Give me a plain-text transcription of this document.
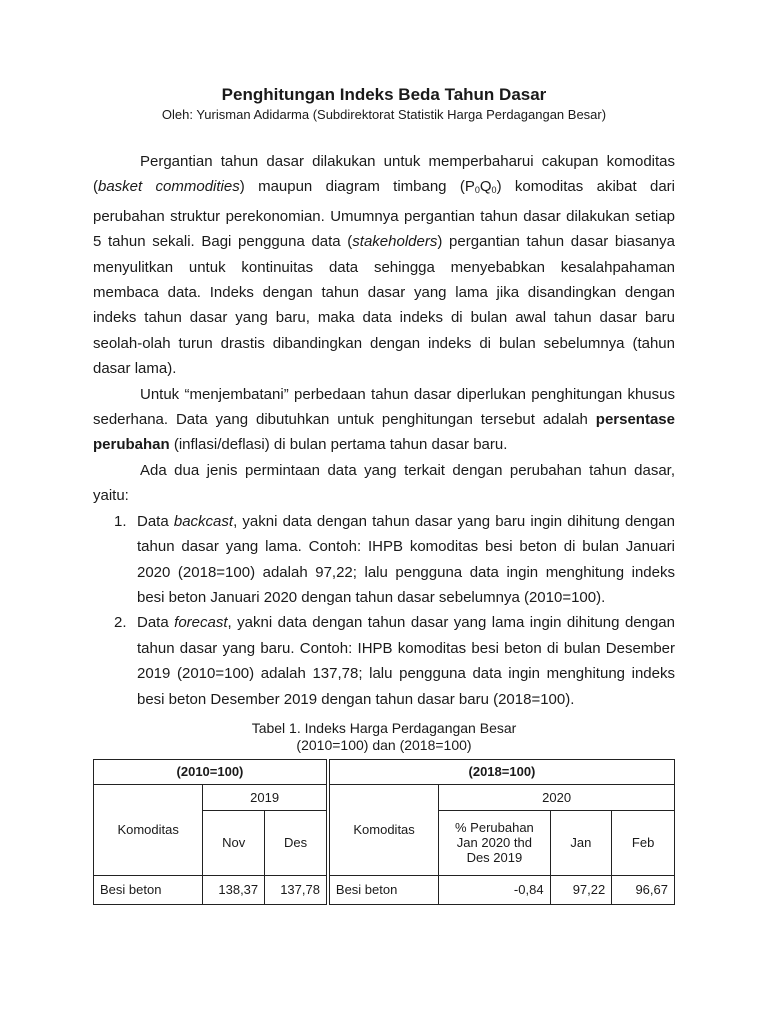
Penghitungan Indeks Beda Tahun Dasar

Oleh: Yurisman Adidarma (Subdirektorat Statistik Harga Perdagangan Besar)

Pergantian tahun dasar dilakukan untuk memperbaharui cakupan komoditas (basket commodities) maupun diagram timbang (P0Q0) komoditas akibat dari perubahan struktur perekonomian. Umumnya pergantian tahun dasar dilakukan setiap 5 tahun sekali. Bagi pengguna data (stakeholders) pergantian tahun dasar biasanya menyulitkan untuk kontinuitas data sehingga menyebabkan kesalahpahaman membaca data. Indeks dengan tahun dasar yang lama jika disandingkan dengan indeks tahun dasar yang baru, maka data indeks di bulan awal tahun dasar baru seolah-olah turun drastis dibandingkan dengan indeks di bulan sebelumnya (tahun dasar lama).

Untuk “menjembatani” perbedaan tahun dasar diperlukan penghitungan khusus sederhana. Data yang dibutuhkan untuk penghitungan tersebut adalah persentase perubahan (inflasi/deflasi) di bulan pertama tahun dasar baru.

Ada dua jenis permintaan data yang terkait dengan perubahan tahun dasar, yaitu:

1. Data backcast, yakni data dengan tahun dasar yang baru ingin dihitung dengan tahun dasar yang lama. Contoh: IHPB komoditas besi beton di bulan Januari 2020 (2018=100) adalah 97,22; lalu pengguna data ingin menghitung indeks besi beton Januari 2020 dengan tahun dasar sebelumnya (2010=100).
2. Data forecast, yakni data dengan tahun dasar yang lama ingin dihitung dengan tahun dasar yang baru. Contoh: IHPB komoditas besi beton di bulan Desember 2019 (2010=100) adalah 137,78; lalu pengguna data ingin menghitung indeks besi beton Desember 2019 dengan tahun dasar baru (2018=100).
Tabel 1. Indeks Harga Perdagangan Besar
(2010=100) dan (2018=100)
(2010=100)				(2018=100)			
Komoditas	2019			Komoditas	2020		
	Nov	Des			% Perubahan
Jan 2020 thd
Des 2019	Jan	Feb
Besi beton	138,37	137,78		Besi beton	-0,84	97,22	96,67
